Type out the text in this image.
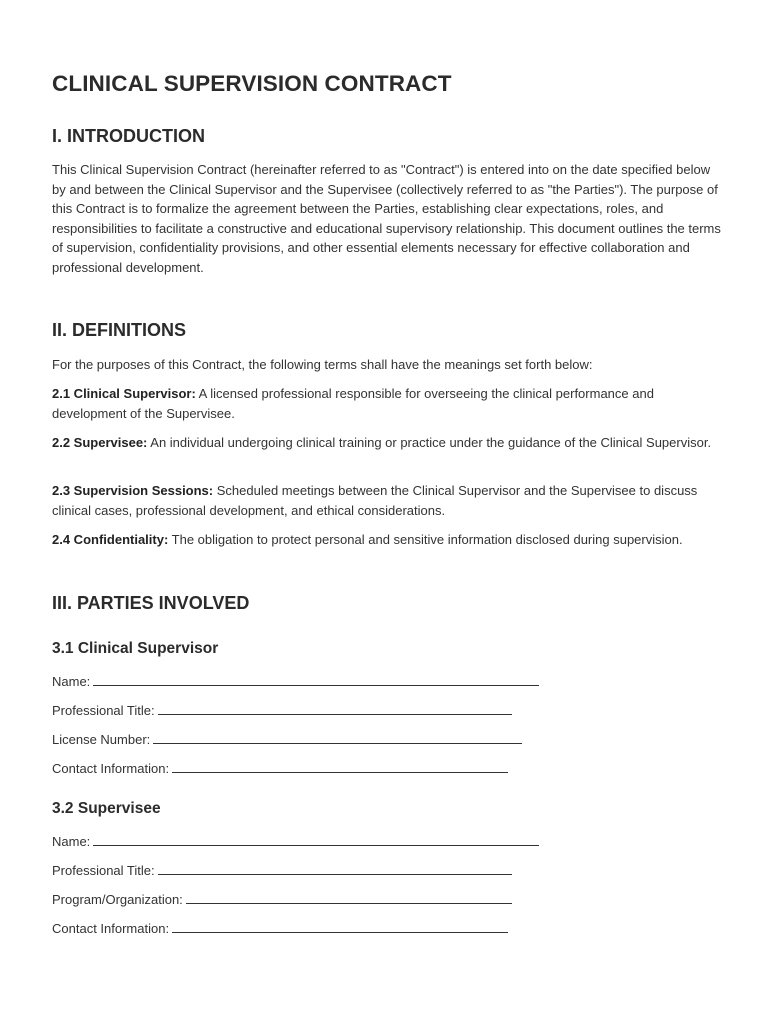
CLINICAL SUPERVISION CONTRACT
I. INTRODUCTION

This Clinical Supervision Contract (hereinafter referred to as "Contract") is entered into on the date specified below by and between the Clinical Supervisor and the Supervisee (collectively referred to as "the Parties"). The purpose of this Contract is to formalize the agreement between the Parties, establishing clear expectations, roles, and responsibilities to facilitate a constructive and educational supervisory relationship. This document outlines the terms of supervision, confidentiality provisions, and other essential elements necessary for effective collaboration and professional development.

II. DEFINITIONS

For the purposes of this Contract, the following terms shall have the meanings set forth below:

2.1 Clinical Supervisor: A licensed professional responsible for overseeing the clinical performance and development of the Supervisee.

2.2 Supervisee: An individual undergoing clinical training or practice under the guidance of the Clinical Supervisor.

2.3 Supervision Sessions: Scheduled meetings between the Clinical Supervisor and the Supervisee to discuss clinical cases, professional development, and ethical considerations.

2.4 Confidentiality: The obligation to protect personal and sensitive information disclosed during supervision.

III. PARTIES INVOLVED
3.1 Clinical Supervisor
Name:
Professional Title:
License Number:
Contact Information:
3.2 Supervisee
Name:
Professional Title:
Program/Organization:
Contact Information:
